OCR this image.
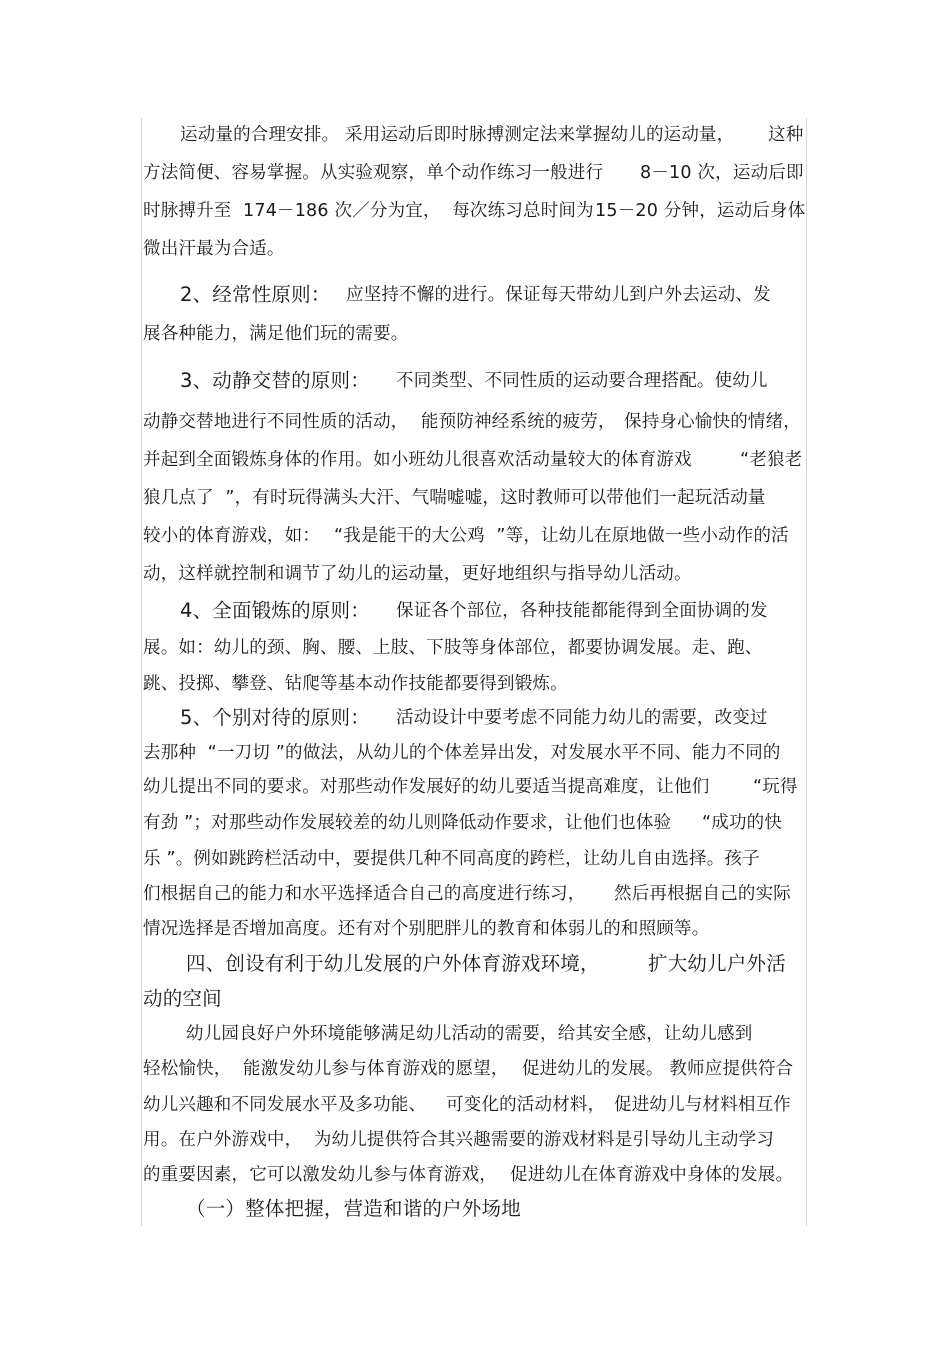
运动量的合理安排。 采用运动后即时脉搏测定法来掌握幼儿的运动量，

这种

方法简便、容易掌握。从实验观察，单个动作练习一般进行

8－10 次，运动后即

时脉搏升至  174－186 次／分为宜，  每次练习总时间为

15－20 分钟，运动后身体

微出汗最为合适。

2、经常性原则：

应坚持不懈的进行。保证每天带幼儿到户外去运动、发

展各种能力，满足他们玩的需要。

3、动静交替的原则：

不同类型、不同性质的运动要合理搭配。使幼儿

动静交替地进行不同性质的活动，

能预防神经系统的疲劳，

保持身心愉快的情绪，

并起到全面锻炼身体的作用。如小班幼儿很喜欢活动量较大的体育游戏

	“老狼老

狼几点了  ”，有时玩得满头大汗、气喘嘘嘘，这时教师可以带他们一起玩活动量

较小的体育游戏，如：

“我是能干的大公鸡  ”等，让幼儿在原地做一些小动作的活

动，这样就控制和调节了幼儿的运动量，更好地组织与指导幼儿活动。

4、全面锻炼的原则：

保证各个部位，各种技能都能得到全面协调的发

展。如：幼儿的颈、胸、腰、上肢、下肢等身体部位，都要协调发展。走、跑、

跳、投掷、攀登、钻爬等基本动作技能都要得到锻炼。

5、个别对待的原则：

活动设计中要考虑不同能力幼儿的需要，改变过

去那种  “一刀切 ”的做法，从幼儿的个体差异出发，对发展水平不同、能力不同的

幼儿提出不同的要求。对那些动作发展好的幼儿要适当提高难度，让他们

“玩得

有劲 ”；对那些动作发展较差的幼儿则降低动作要求，让他们也体验

“成功的快

乐 ”。例如跳跨栏活动中，要提供几种不同高度的跨栏，让幼儿自由选择。孩子

们根据自己的能力和水平选择适合自己的高度进行练习，

然后再根据自己的实际

情况选择是否增加高度。还有对个别肥胖儿的教育和体弱儿的和照顾等。

四、创设有利于幼儿发展的户外体育游戏环境，

扩大幼儿户外活

动的空间

幼儿园良好户外环境能够满足幼儿活动的需要，给其安全感，让幼儿感到

轻松愉快，  能激发幼儿参与体育游戏的愿望，

促进幼儿的发展。 教师应提供符合

幼儿兴趣和不同发展水平及多功能、

可变化的活动材料，

促进幼儿与材料相互作

用。在户外游戏中，  为幼儿提供符合其兴趣需要的游戏材料是引导幼儿主动学习

的重要因素，它可以激发幼儿参与体育游戏，

促进幼儿在体育游戏中身体的发展。

（一）整体把握，营造和谐的户外场地
